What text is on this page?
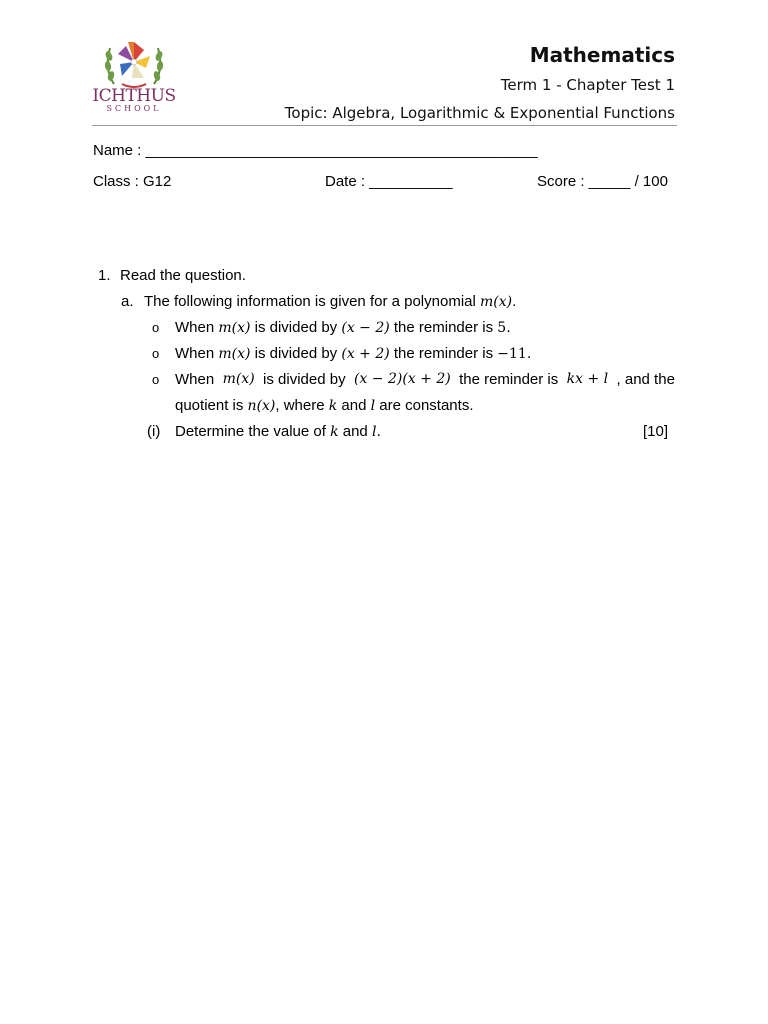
ICHTHUS
SCHOOL
Mathematics
Term 1 - Chapter Test 1
Topic: Algebra, Logarithmic & Exponential Functions
Name : _______________________________________________
Class : G12	Date : __________	Score : _____ / 100
1. Read the question.
a. The following information is given for a polynomial m(x).
o When m(x) is divided by (x − 2) the reminder is 5.
o When m(x) is divided by (x + 2) the reminder is −11.
o When m(x) is divided by (x − 2)(x + 2) the reminder is kx + l , and the
quotient is n(x), where k and l are constants.
(i) Determine the value of k and l.	[10]
